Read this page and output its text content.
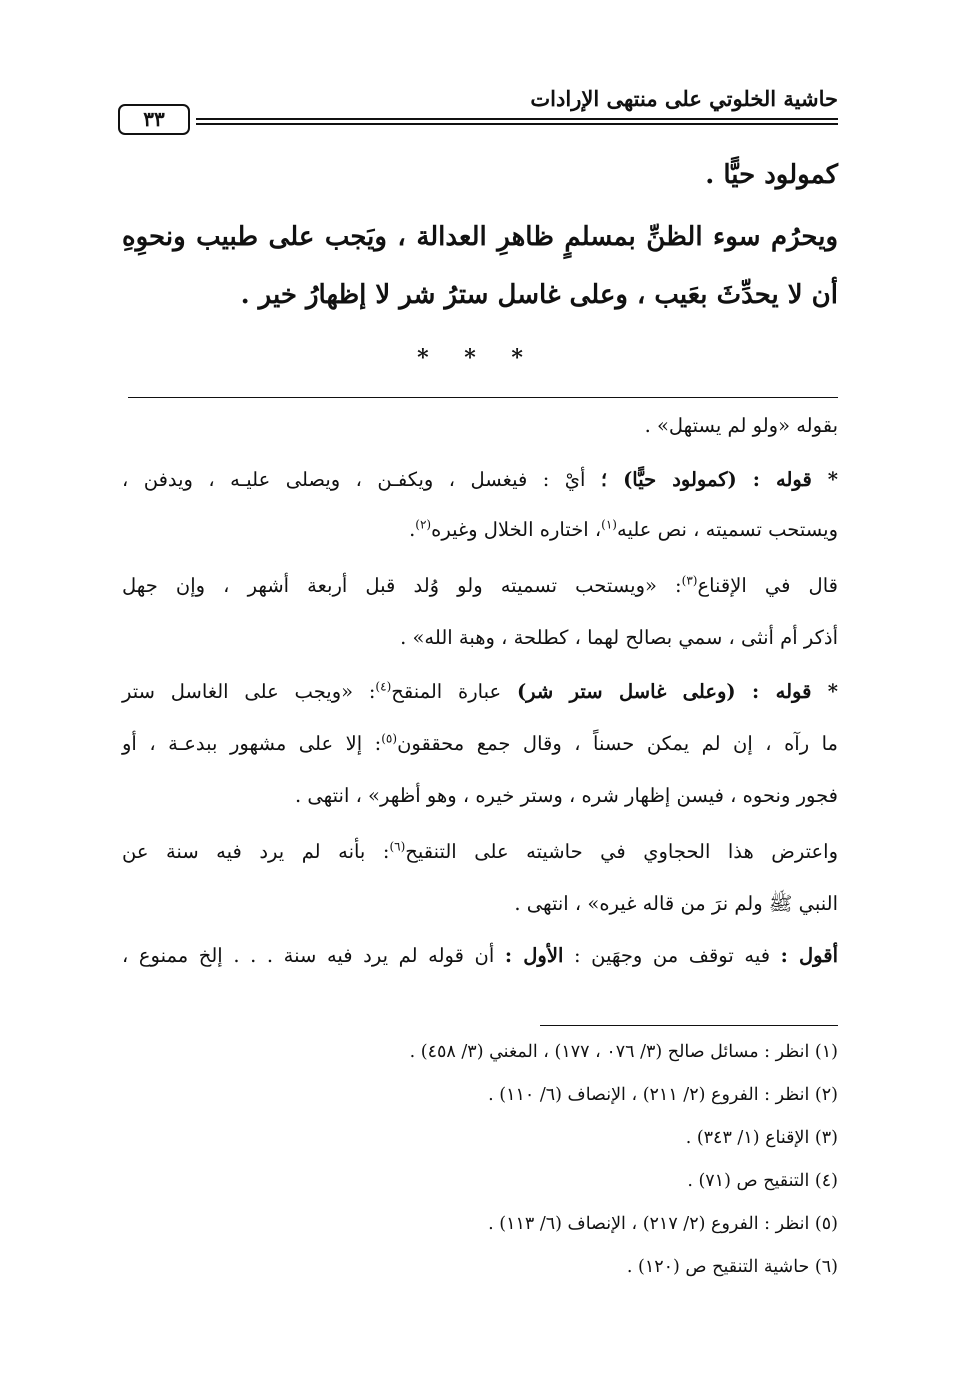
حاشية الخلوتي على منتهى الإرادات
٣٣
كمولود حيًّا .
ويحرُم سوء الظنِّ بمسلمٍ ظاهرِ العدالة ، ويَجب على طبيب ونحوِهِ
أن لا يحدِّثَ بعَيب ، وعلى غاسل سترُ شر لا إظهارُ خير .
* * *
بقوله «ولو لم يستهل» .
* قوله : (كمولود حيًّا) ؛ أيْ : فيغسل ، ويكفـن ، ويصلى عليـه ، ويدفن ،
ويستحب تسميته ، نص عليه$^{(١)}$، اختاره الخلال وغيره$^{(٢)}$.
قال في الإقناع$^{(٣)}$: «ويستحب تسميته ولو وُلد قبل أربعة أشهر ، وإن جهل
أذكر أم أنثى ، سمي بصالح لهما ، كطلحة ، وهبة الله» .
* قوله : (وعلى غاسل ستر شر) عبارة المنقح$^{(٤)}$: «ويجب على الغاسل ستر
ما رآه ، إن لم يمكن حسناً ، وقال جمع محققون$^{(٥)}$: إلا على مشهور ببدعـة ، أو
فجور ونحوه ، فيسن إظهار شره ، وستر خيره ، وهو أظهر» ، انتهى .
واعترض هذا الحجاوي في حاشيته على التنقيح$^{(٦)}$: بأنه لم يرد فيه سنة عن
النبي ﷺ ولم نرَ من قاله غيره» ، انتهى .
أقول : فيه توقف من وجهَين : الأول : أن قوله لم يرد فيه سنة . . . إلخ ممنوع ،
(١) انظر : مسائل صالح (٣/ ٠٧٦ ، ١٧٧) ، المغني (٣/ ٤٥٨) .
(٢) انظر : الفروع (٢/ ٢١١) ، الإنصاف (٦/ ١١٠) .
(٣) الإقناع (١/ ٣٤٣) .
(٤) التنقيح ص (٧١) .
(٥) انظر : الفروع (٢/ ٢١٧) ، الإنصاف (٦/ ١١٣) .
(٦) حاشية التنقيح ص (١٢٠) .
